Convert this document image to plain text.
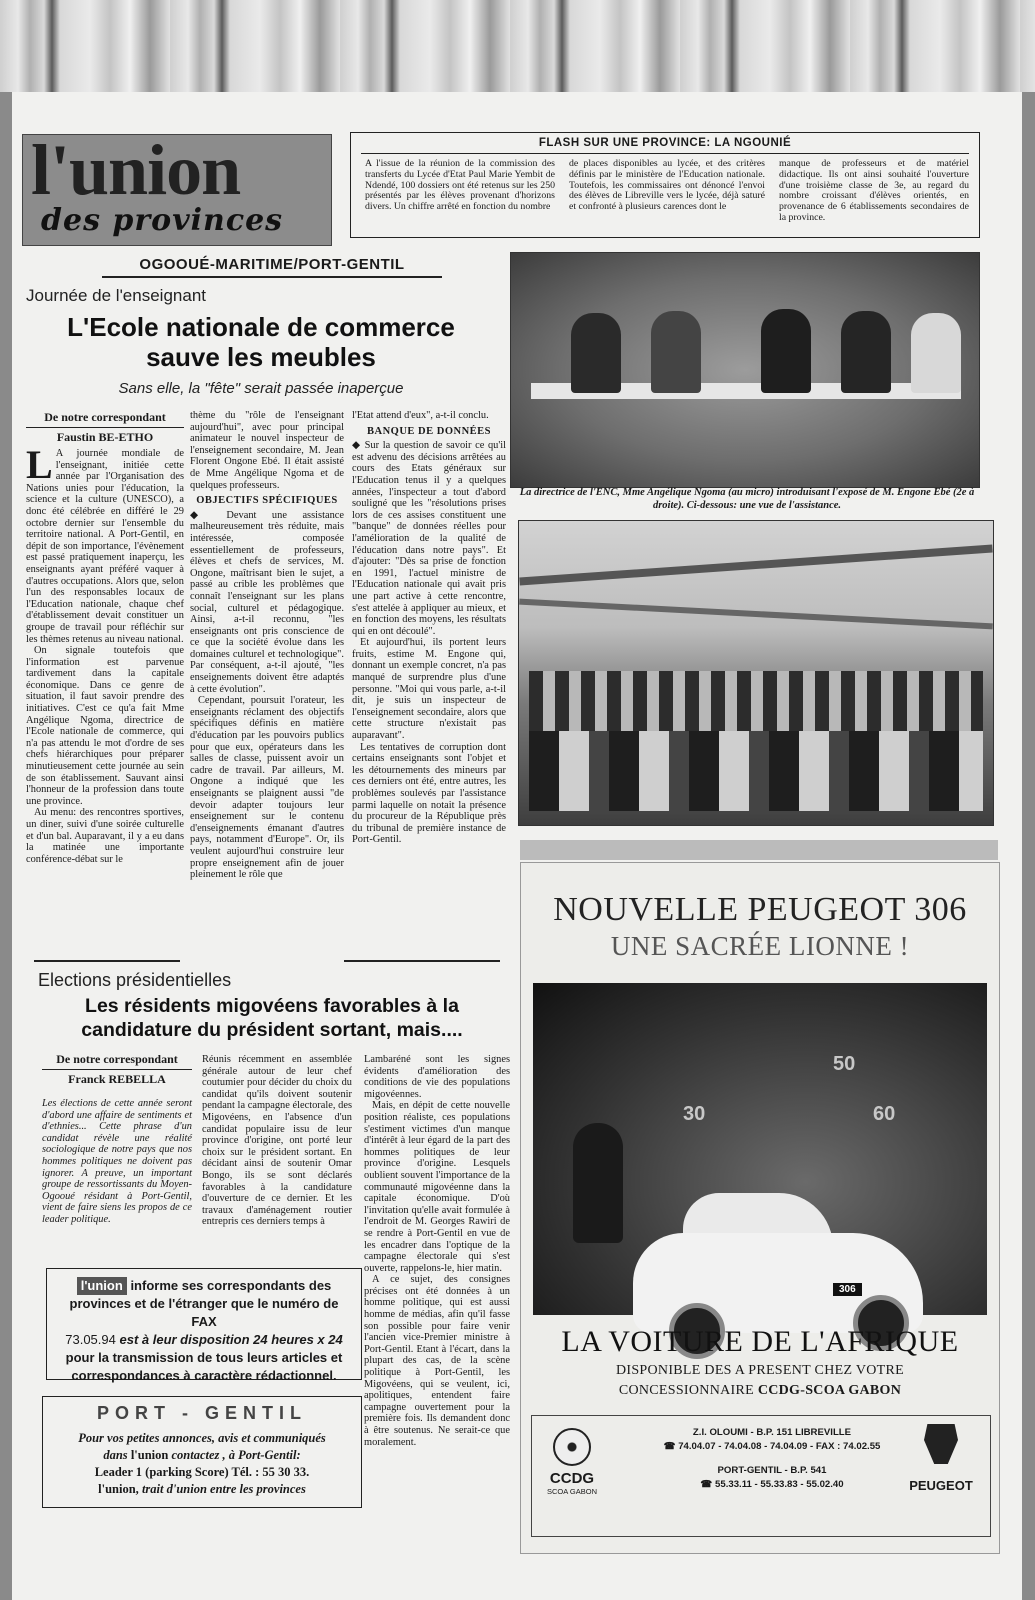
l'union
des provinces
FLASH SUR UNE PROVINCE: LA NGOUNIÉ
A l'issue de la réunion de la commission des transferts du Lycée d'Etat Paul Marie Yembit de Ndendé, 100 dossiers ont été retenus sur les 250 présentés par les élèves provenant d'horizons divers. Un chiffre arrêté en fonction du nombre
de places disponibles au lycée, et des critères définis par le ministère de l'Education nationale. Toutefois, les commissaires ont dénoncé l'envoi des élèves de Libreville vers le lycée, déjà saturé et confronté à plusieurs carences dont le
manque de professeurs et de matériel didactique. Ils ont ainsi souhaité l'ouverture d'une troisième classe de 3e, au regard du nombre croissant d'élèves orientés, en provenance de 6 établissements secondaires de la province.
OGOOUÉ-MARITIME/PORT-GENTIL
Journée de l'enseignant
L'Ecole nationale de commerce
sauve les meubles
Sans elle, la "fête" serait passée inaperçue
De notre correspondant
Faustin BE-ETHO
L A journée mondiale de l'enseignant, initiée cette année par l'Organisation des Nations unies pour l'éducation, la science et la culture (UNESCO), a donc été célébrée en différé le 29 octobre dernier sur l'ensemble du territoire national. A Port-Gentil, en dépit de son importance, l'évènement est passé pratiquement inaperçu, les enseignants ayant préféré vaquer à d'autres occupations. Alors que, selon l'un des responsables locaux de l'Education nationale, chaque chef d'établissement devait constituer un groupe de travail pour réfléchir sur les thèmes retenus au niveau national.

On signale toutefois que l'information est parvenue tardivement dans la capitale économique. Dans ce genre de situation, il faut savoir prendre des initiatives. C'est ce qu'a fait Mme Angélique Ngoma, directrice de l'Ecole nationale de commerce, qui n'a pas attendu le mot d'ordre de ses chefs hiérarchiques pour préparer minutieusement cette journée au sein de son établissement. Sauvant ainsi l'honneur de la profession dans toute une province.

Au menu: des rencontres sportives, un diner, suivi d'une soirée culturelle et d'un bal. Auparavant, il y a eu dans la matinée une importante conférence-débat sur le

thème du "rôle de l'enseignant aujourd'hui", avec pour principal animateur le nouvel inspecteur de l'enseignement secondaire, M. Jean Florent Ongone Ebé. Il était assisté de Mme Angélique Ngoma et de quelques professeurs.

OBJECTIFS SPÉCIFIQUES

◆ Devant une assistance malheureusement très réduite, mais intéressée, composée essentiellement de professeurs, élèves et chefs de services, M. Ongone, maîtrisant bien le sujet, a passé au crible les problèmes que connaît l'enseignant sur les plans social, culturel et pédagogique. Ainsi, a-t-il reconnu, "les enseignants ont pris conscience de ce que la société évolue dans les domaines culturel et technologique". Par conséquent, a-t-il ajouté, "les enseignements doivent être adaptés à cette évolution".

Cependant, poursuit l'orateur, les enseignants réclament des objectifs spécifiques définis en matière d'éducation par les pouvoirs publics pour que eux, opérateurs dans les salles de classe, puissent avoir un cadre de travail. Par ailleurs, M. Ongone a indiqué que les enseignants se plaignent aussi "de devoir adapter toujours leur enseignement sur le contenu d'enseignements émanant d'autres pays, notamment d'Europe". Or, ils veulent aujourd'hui construire leur propre enseignement afin de jouer pleinement le rôle que

l'Etat attend d'eux", a-t-il conclu.

BANQUE DE DONNÉES

◆ Sur la question de savoir ce qu'il est advenu des décisions arrêtées au cours des Etats généraux sur l'Education tenus il y a quelques années, l'inspecteur a tout d'abord souligné que les "résolutions prises lors de ces assises constituent une "banque" de données réelles pour l'amélioration de la qualité de l'éducation dans notre pays". Et d'ajouter: "Dès sa prise de fonction en 1991, l'actuel ministre de l'Education nationale qui avait pris une part active à cette rencontre, s'est attelée à appliquer au mieux, et en fonction des moyens, les résultats qui en ont découlé".

Et aujourd'hui, ils portent leurs fruits, estime M. Engone qui, donnant un exemple concret, n'a pas manqué de surprendre plus d'une personne. "Moi qui vous parle, a-t-il dit, je suis un inspecteur de l'enseignement secondaire, alors que cette structure n'existait pas auparavant".

Les tentatives de corruption dont certains enseignants sont l'objet et les détournements des mineurs par ces derniers ont été, entre autres, les problèmes soulevés par l'assistance parmi laquelle on notait la présence du procureur de la République près du tribunal de première instance de Port-Gentil.

La directrice de l'ENC, Mme Angélique Ngoma (au micro) introduisant l'exposé de M. Engone Ebé (2e à droite). Ci-dessous: une vue de l'assistance.
NOUVELLE PEUGEOT 306
UNE SACRÉE LIONNE !
30
50
60
306
LA VOITURE DE L'AFRIQUE
DISPONIBLE DES A PRESENT CHEZ VOTRE
CONCESSIONNAIRE CCDG-SCOA GABON
CCDG
SCOA GABON
Z.I. OLOUMI - B.P. 151 LIBREVILLE
☎ 74.04.07 - 74.04.08 - 74.04.09 - FAX : 74.02.55
PORT-GENTIL - B.P. 541
☎ 55.33.11 - 55.33.83 - 55.02.40	PEUGEOT
Elections présidentielles
Les résidents migovéens favorables à la
candidature du président sortant, mais....
De notre correspondant
Franck REBELLA
Les élections de cette année seront d'abord une affaire de sentiments et d'ethnies... Cette phrase d'un candidat révèle une réalité sociologique de notre pays que nos hommes politiques ne doivent pas ignorer. A preuve, un important groupe de ressortissants du Moyen-Ogooué résidant à Port-Gentil, vient de faire siens les propos de ce leader politique.
Réunis récemment en assemblée générale autour de leur chef coutumier pour décider du choix du candidat qu'ils doivent soutenir pendant la campagne électorale, des Migovéens, en l'absence d'un candidat populaire issu de leur province d'origine, ont porté leur choix sur le président sortant. En décidant ainsi de soutenir Omar Bongo, ils se sont déclarés favorables à la candidature d'ouverture de ce dernier. Et les travaux d'aménagement routier entrepris ces derniers temps à

Lambaréné sont les signes évidents d'amélioration des conditions de vie des populations migovéennes.

Mais, en dépit de cette nouvelle position réaliste, ces populations s'estiment victimes d'un manque d'intérêt à leur égard de la part des hommes politiques de leur province d'origine. Lesquels oublient souvent l'importance de la communauté migovéenne dans la capitale économique. D'où l'invitation qu'elle avait formulée à l'endroit de M. Georges Rawiri de se rendre à Port-Gentil en vue de les encadrer dans l'optique de la campagne électorale qui s'est ouverte, rappelons-le, hier matin.

A ce sujet, des consignes précises ont été données à un homme politique, qui est aussi homme de médias, afin qu'il fasse son possible pour faire venir l'ancien vice-Premier ministre à Port-Gentil. Etant à l'écart, dans la plupart des cas, de la scène politique à Port-Gentil, les Migovéens, qui se veulent, ici, apolitiques, entendent faire campagne ouvertement pour la première fois. Ils demandent donc à être soutenus. Ne serait-ce que moralement.

l'union informe ses correspondants des
provinces et de l'étranger que le numéro de FAX
73.05.94 est à leur disposition 24 heures x 24
pour la transmission de tous leurs articles et
correspondances à caractère rédactionnel.
PORT - GENTIL
Pour vos petites annonces, avis et communiqués
dans l'union contactez , à Port-Gentil:
Leader 1 (parking Score) Tél. : 55 30 33.
l'union, trait d'union entre les provinces
